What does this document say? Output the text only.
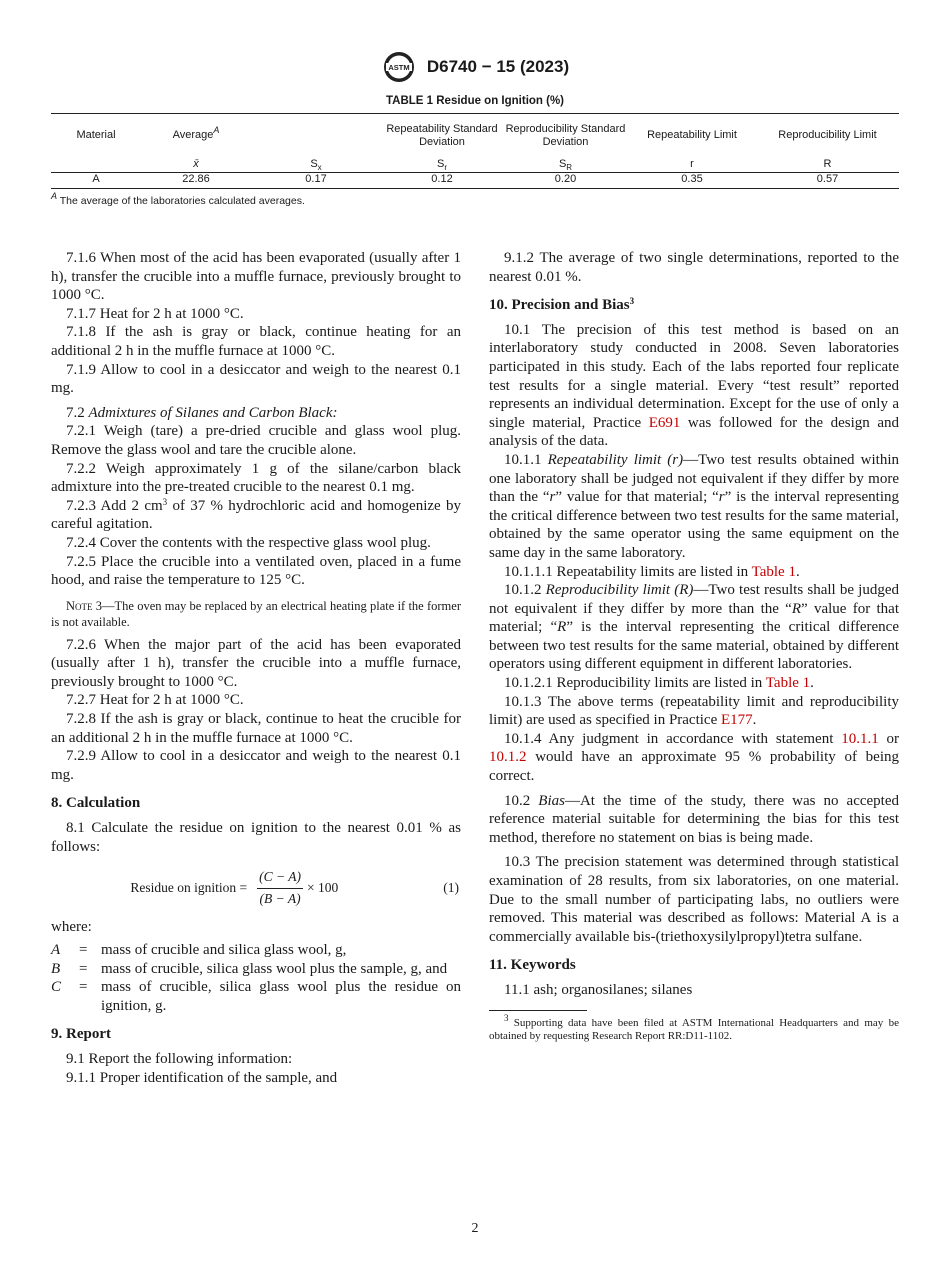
ASTM D6740 − 15 (2023)
TABLE 1 Residue on Ignition (%)
Material	Average$^A$		Repeatability Standard Deviation	Reproducibility Standard Deviation	Repeatability Limit	Reproducibility Limit
	x̄	$S_x$	$S_r$	$S_R$	r	R
A	22.86	0.17	0.12	0.20	0.35	0.57
$^A$ The average of the laboratories calculated averages.

7.1.6 When most of the acid has been evaporated (usually after 1 h), transfer the crucible into a muffle furnace, previously brought to 1000 °C.

7.1.7 Heat for 2 h at 1000 °C.

7.1.8 If the ash is gray or black, continue heating for an additional 2 h in the muffle furnace at 1000 °C.

7.1.9 Allow to cool in a desiccator and weigh to the nearest 0.1 mg.

7.2 Admixtures of Silanes and Carbon Black:

7.2.1 Weigh (tare) a pre-dried crucible and glass wool plug. Remove the glass wool and tare the crucible alone.

7.2.2 Weigh approximately 1 g of the silane/carbon black admixture into the pre-treated crucible to the nearest 0.1 mg.

7.2.3 Add 2 $cm^3$ of 37 % hydrochloric acid and homogenize by careful agitation.

7.2.4 Cover the contents with the respective glass wool plug.

7.2.5 Place the crucible into a ventilated oven, placed in a fume hood, and raise the temperature to 125 °C.

Note 3—The oven may be replaced by an electrical heating plate if the former is not available.

7.2.6 When the major part of the acid has been evaporated (usually after 1 h), transfer the crucible into a muffle furnace, previously brought to 1000 °C.

7.2.7 Heat for 2 h at 1000 °C.

7.2.8 If the ash is gray or black, continue to heat the crucible for an additional 2 h in the muffle furnace at 1000 °C.

7.2.9 Allow to cool in a desiccator and weigh to the nearest 0.1 mg.

8. Calculation

8.1 Calculate the residue on ignition to the nearest 0.01 % as follows:

Residue on ignition = $\frac{(C - A)}{(B - A)} \times 100$	(1)
where:
A	= mass of crucible and silica glass wool, g,
B	= mass of crucible, silica glass wool plus the sample, g, and
C	= mass of crucible, silica glass wool plus the residue on ignition, g.
9. Report

9.1 Report the following information:

9.1.1 Proper identification of the sample, and

9.1.2 The average of two single determinations, reported to the nearest 0.01 %.

10. Precision and Bias$^3$

10.1 The precision of this test method is based on an interlaboratory study conducted in 2008. Seven laboratories participated in this study. Each of the labs reported four replicate test results for a single material. Every “test result” reported represents an individual determination. Except for the use of only a single material, Practice E691 was followed for the design and analysis of the data.

10.1.1 Repeatability limit (r)—Two test results obtained within one laboratory shall be judged not equivalent if they differ by more than the “r” value for that material; “r” is the interval representing the critical difference between two test results for the same material, obtained by the same operator using the same equipment on the same day in the same laboratory.

10.1.1.1 Repeatability limits are listed in Table 1.

10.1.2 Reproducibility limit (R)—Two test results shall be judged not equivalent if they differ by more than the “R” value for that material; “R” is the interval representing the critical difference between two test results for the same material, obtained by different operators using different equipment in different laboratories.

10.1.2.1 Reproducibility limits are listed in Table 1.

10.1.3 The above terms (repeatability limit and reproducibility limit) are used as specified in Practice E177.

10.1.4 Any judgment in accordance with statement 10.1.1 or 10.1.2 would have an approximate 95 % probability of being correct.

10.2 Bias—At the time of the study, there was no accepted reference material suitable for determining the bias for this test method, therefore no statement on bias is being made.

10.3 The precision statement was determined through statistical examination of 28 results, from six laboratories, on one material. Due to the small number of participating labs, no outliers were removed. This material was described as follows: Material A is a commercially available bis-(triethoxysilylpropyl)tetra sulfane.

11. Keywords

11.1 ash; organosilanes; silanes

$^3$ Supporting data have been filed at ASTM International Headquarters and may be obtained by requesting Research Report RR:D11-1102.
2
